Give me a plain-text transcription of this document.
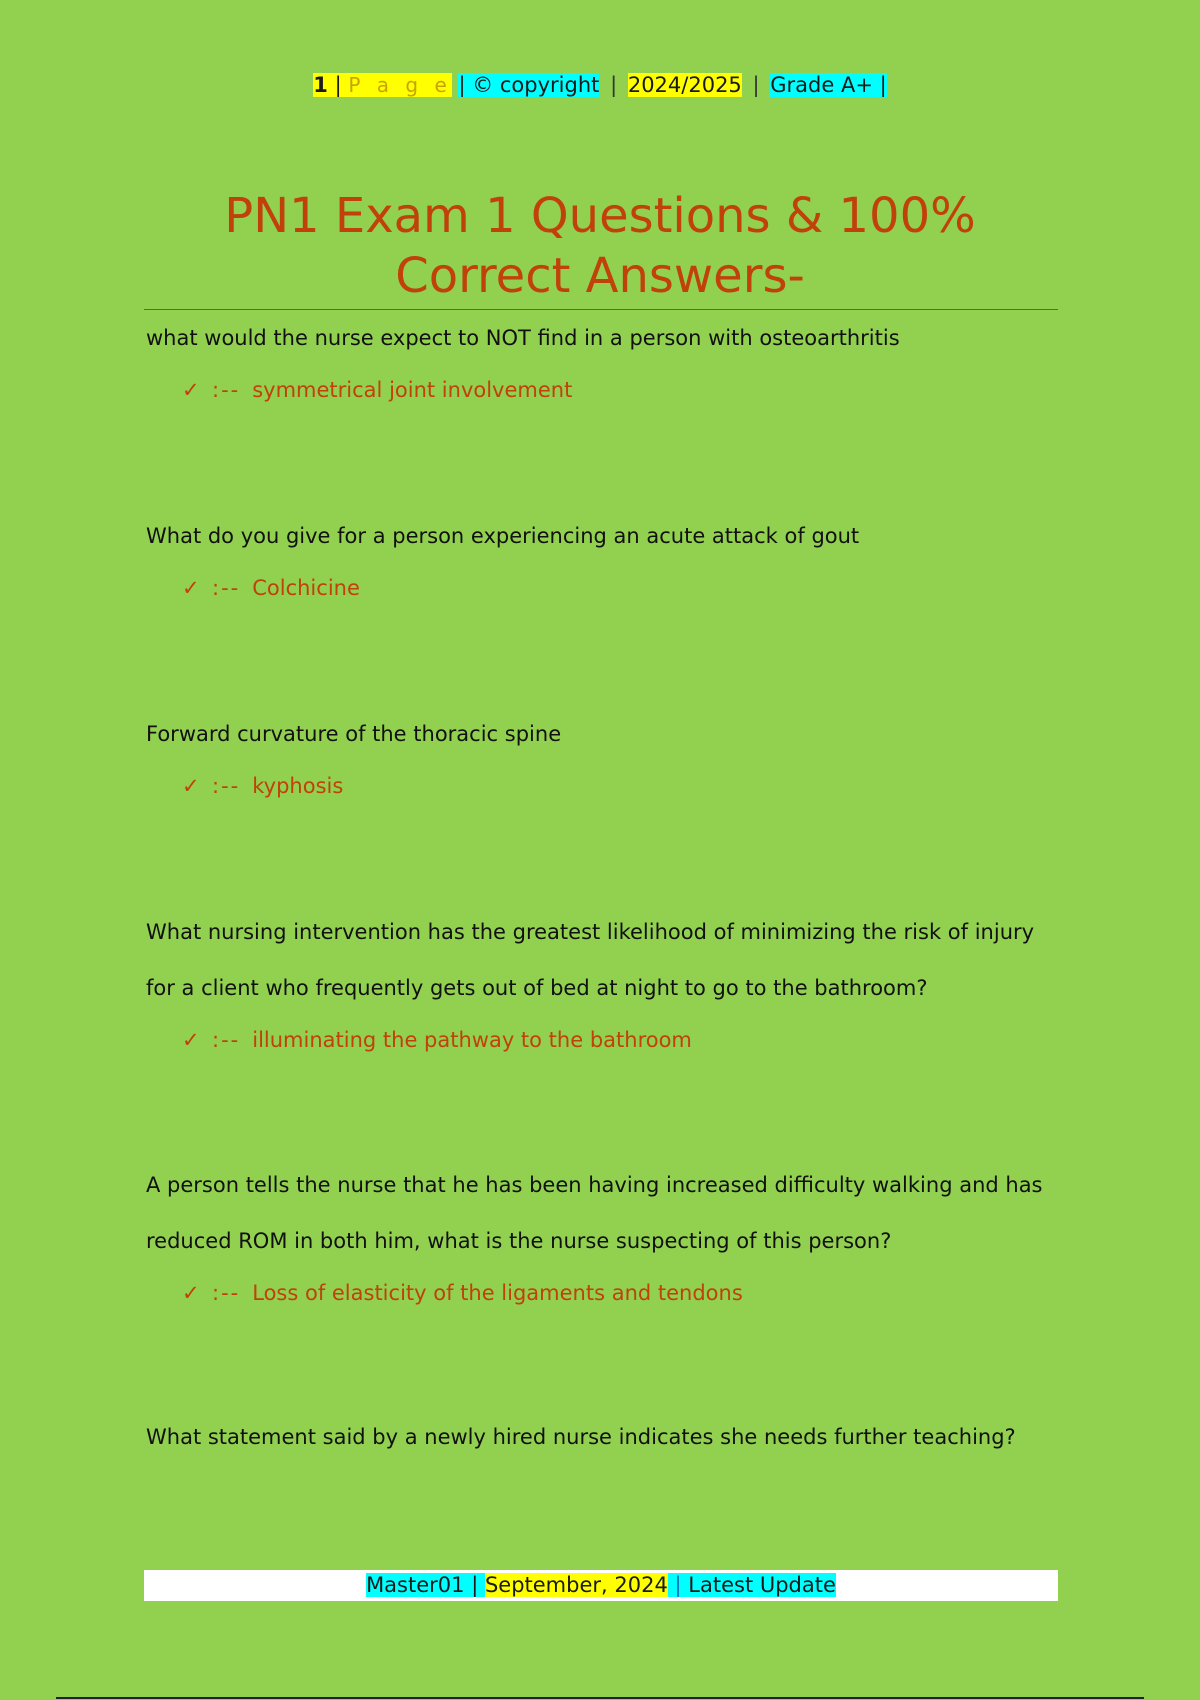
1 | P a g e | © copyright | 2024/2025 | Grade A+ |
PN1 Exam 1 Questions & 100% Correct Answers-

what would the nurse expect to NOT find in a person with osteoarthritis

✓ :-- symmetrical joint involvement

What do you give for a person experiencing an acute attack of gout

✓ :-- Colchicine

Forward curvature of the thoracic spine

✓ :-- kyphosis

What nursing intervention has the greatest likelihood of minimizing the risk of injury for a client who frequently gets out of bed at night to go to the bathroom?

✓ :-- illuminating the pathway to the bathroom

A person tells the nurse that he has been having increased difficulty walking and has reduced ROM in both him, what is the nurse suspecting of this person?

✓ :-- Loss of elasticity of the ligaments and tendons

What statement said by a newly hired nurse indicates she needs further teaching?

Master01 | September, 2024 | Latest Update
